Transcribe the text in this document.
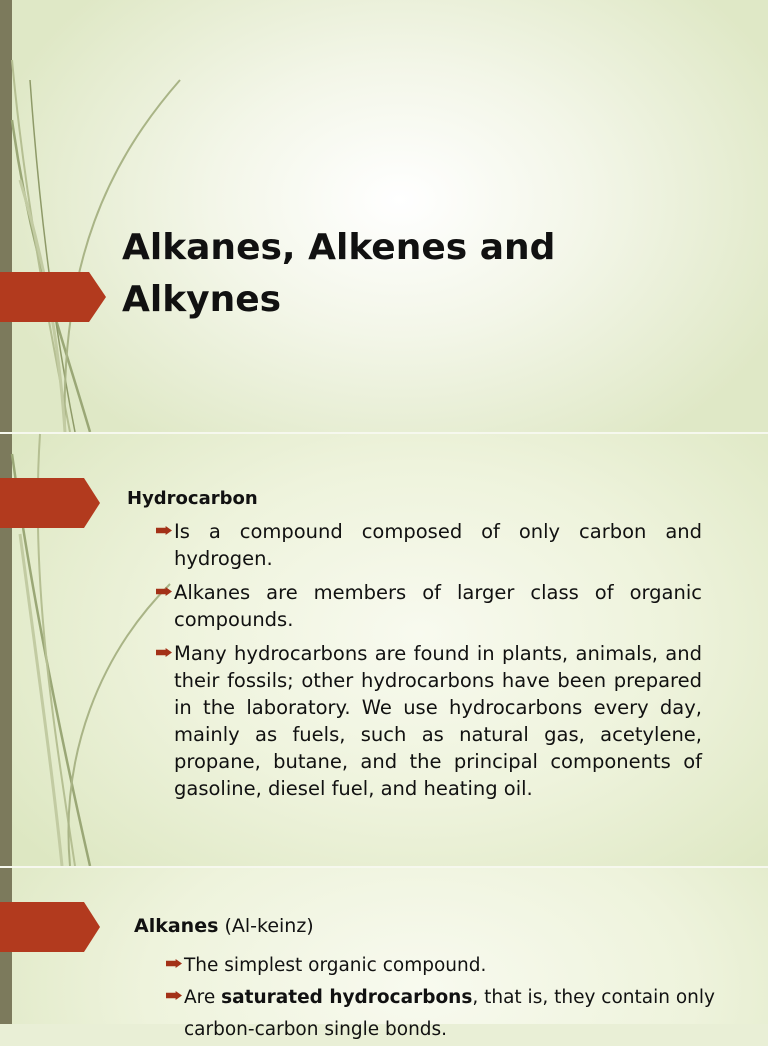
Alkanes, Alkenes and
Alkynes
Hydrocarbon
Is a compound composed of only carbon and hydrogen.
Alkanes are members of larger class of organic compounds.
Many hydrocarbons are found in plants, animals, and their fossils; other hydrocarbons have been prepared in the laboratory. We use hydrocarbons every day, mainly as fuels, such as natural gas, acetylene, propane, butane, and the principal components of gasoline, diesel fuel, and heating oil.
Alkanes (Al-keinz)
The simplest organic compound.
Are saturated hydrocarbons, that is, they contain only carbon-carbon single bonds.
